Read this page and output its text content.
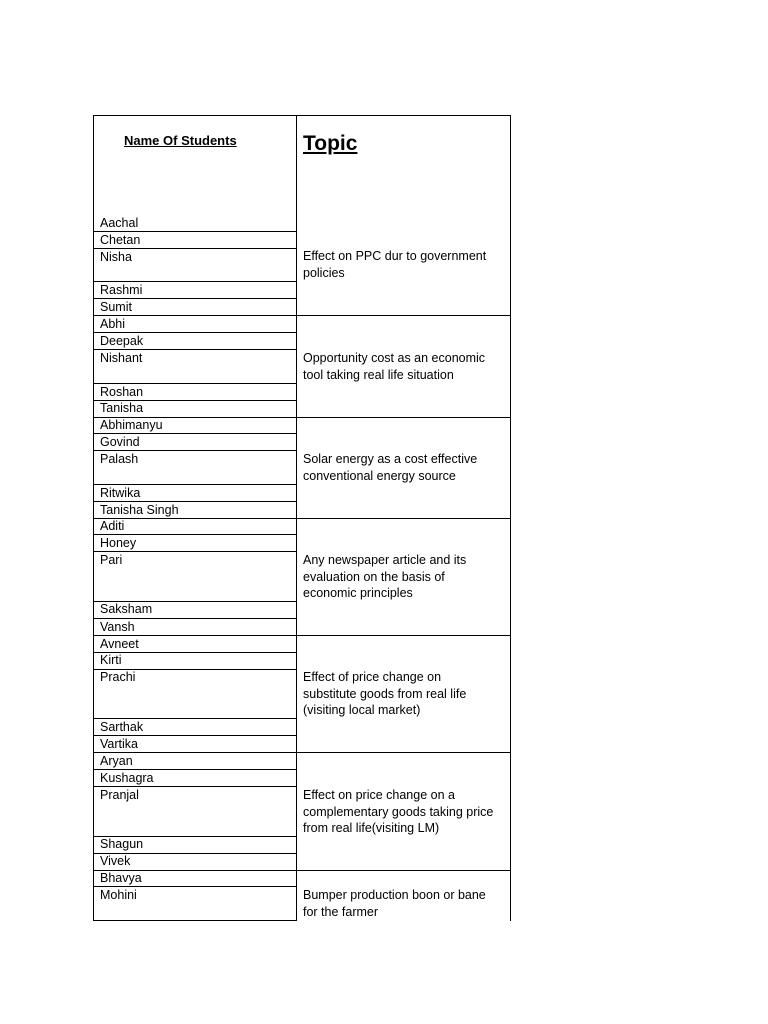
Name Of Students	Topic
Aachal
Chetan
Nisha
Rashmi
Sumit
Effect on PPC dur to government
policies
Abhi
Deepak
Nishant
Roshan
Tanisha
Opportunity cost as an economic
tool taking real life situation
Abhimanyu
Govind
Palash
Ritwika
Tanisha Singh
Solar energy as a cost effective
conventional energy source
Aditi
Honey
Pari
Saksham
Vansh
Any newspaper article and its
evaluation on the basis of
economic principles
Avneet
Kirti
Prachi
Sarthak
Vartika
Effect of price change on
substitute goods from real life
(visiting local market)
Aryan
Kushagra
Pranjal
Shagun
Vivek
Effect on price change on a
complementary goods taking price
from real life(visiting LM)
Bhavya
Mohini	Bumper production boon or bane
for the farmer
